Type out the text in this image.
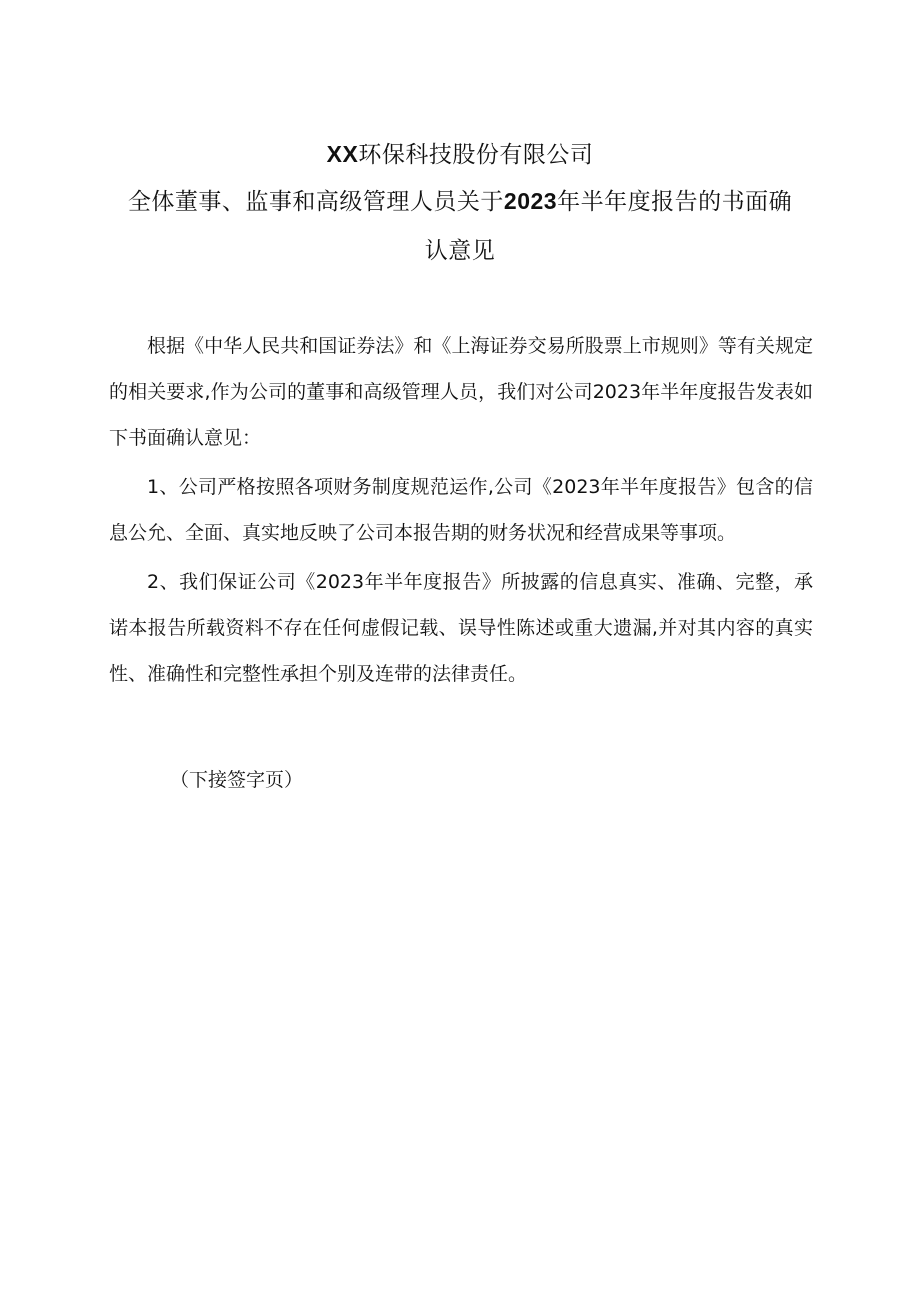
XX环保科技股份有限公司
全体董事、监事和高级管理人员关于2023年半年度报告的书面确
认意见

根据《中华人民共和国证券法》和《上海证券交易所股票上市规则》等有关规定的相关要求,作为公司的董事和高级管理人员，我们对公司2023年半年度报告发表如下书面确认意见：

1、公司严格按照各项财务制度规范运作,公司《2023年半年度报告》包含的信息公允、全面、真实地反映了公司本报告期的财务状况和经营成果等事项。

2、我们保证公司《2023年半年度报告》所披露的信息真实、准确、完整，承诺本报告所载资料不存在任何虚假记载、误导性陈述或重大遗漏,并对其内容的真实性、准确性和完整性承担个别及连带的法律责任。

（下接签字页）
